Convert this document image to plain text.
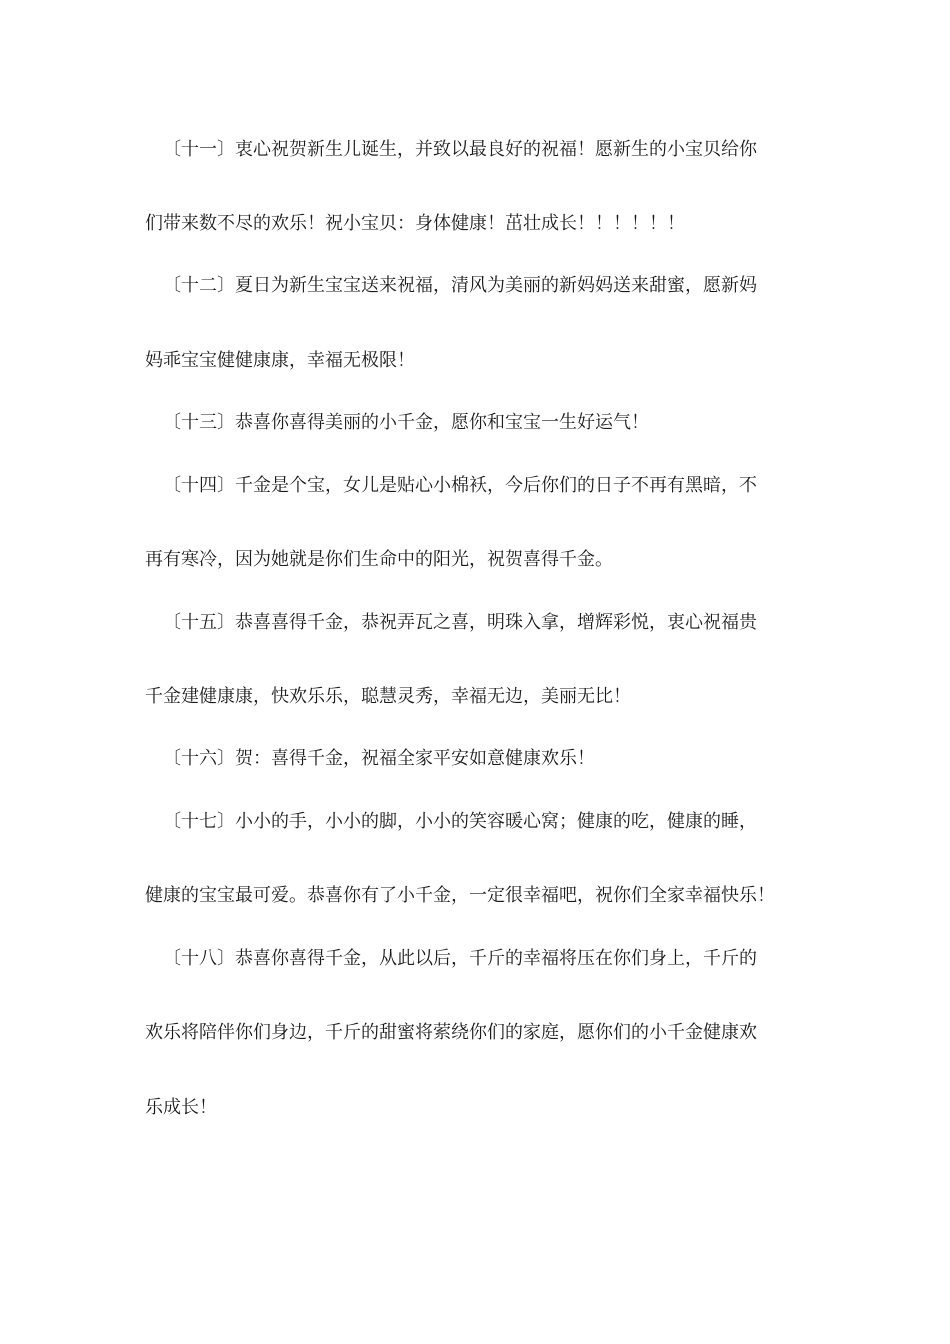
〔十一〕衷心祝贺新生儿诞生，并致以最良好的祝福！愿新生的小宝贝给你
们带来数不尽的欢乐！祝小宝贝：身体健康！茁壮成长！！！！！！
〔十二〕夏日为新生宝宝送来祝福，清风为美丽的新妈妈送来甜蜜，愿新妈
妈乖宝宝健健康康，幸福无极限！
〔十三〕恭喜你喜得美丽的小千金，愿你和宝宝一生好运气！
〔十四〕千金是个宝，女儿是贴心小棉袄，今后你们的日子不再有黑暗，不
再有寒冷，因为她就是你们生命中的阳光，祝贺喜得千金。
〔十五〕恭喜喜得千金，恭祝弄瓦之喜，明珠入拿，增辉彩悦，衷心祝福贵
千金建健康康，快欢乐乐，聪慧灵秀，幸福无边，美丽无比！
〔十六〕贺：喜得千金，祝福全家平安如意健康欢乐！
〔十七〕小小的手，小小的脚，小小的笑容暖心窝；健康的吃，健康的睡，
健康的宝宝最可爱。恭喜你有了小千金，一定很幸福吧，祝你们全家幸福快乐！
〔十八〕恭喜你喜得千金，从此以后，千斤的幸福将压在你们身上，千斤的
欢乐将陪伴你们身边，千斤的甜蜜将萦绕你们的家庭，愿你们的小千金健康欢
乐成长！
